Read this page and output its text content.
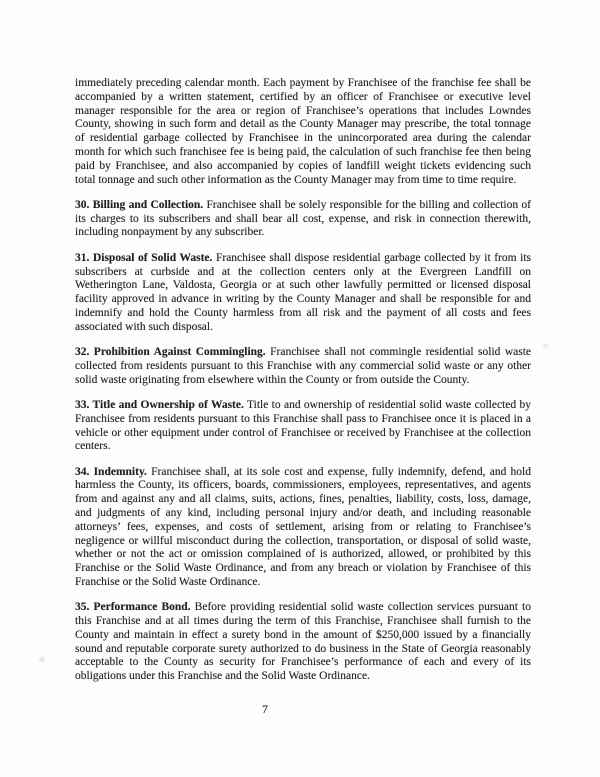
immediately preceding calendar month. Each payment by Franchisee of the franchise fee shall be accompanied by a written statement, certified by an officer of Franchisee or executive level manager responsible for the area or region of Franchisee’s operations that includes Lowndes County, showing in such form and detail as the County Manager may prescribe, the total tonnage of residential garbage collected by Franchisee in the unincorporated area during the calendar month for which such franchisee fee is being paid, the calculation of such franchise fee then being paid by Franchisee, and also accompanied by copies of landfill weight tickets evidencing such total tonnage and such other information as the County Manager may from time to time require.

30. Billing and Collection. Franchisee shall be solely responsible for the billing and collection of its charges to its subscribers and shall bear all cost, expense, and risk in connection therewith, including nonpayment by any subscriber.

31. Disposal of Solid Waste. Franchisee shall dispose residential garbage collected by it from its subscribers at curbside and at the collection centers only at the Evergreen Landfill on Wetherington Lane, Valdosta, Georgia or at such other lawfully permitted or licensed disposal facility approved in advance in writing by the County Manager and shall be responsible for and indemnify and hold the County harmless from all risk and the payment of all costs and fees associated with such disposal.

32. Prohibition Against Commingling. Franchisee shall not commingle residential solid waste collected from residents pursuant to this Franchise with any commercial solid waste or any other solid waste originating from elsewhere within the County or from outside the County.

33. Title and Ownership of Waste. Title to and ownership of residential solid waste collected by Franchisee from residents pursuant to this Franchise shall pass to Franchisee once it is placed in a vehicle or other equipment under control of Franchisee or received by Franchisee at the collection centers.

34. Indemnity. Franchisee shall, at its sole cost and expense, fully indemnify, defend, and hold harmless the County, its officers, boards, commissioners, employees, representatives, and agents from and against any and all claims, suits, actions, fines, penalties, liability, costs, loss, damage, and judgments of any kind, including personal injury and/or death, and including reasonable attorneys’ fees, expenses, and costs of settlement, arising from or relating to Franchisee’s negligence or willful misconduct during the collection, transportation, or disposal of solid waste, whether or not the act or omission complained of is authorized, allowed, or prohibited by this Franchise or the Solid Waste Ordinance, and from any breach or violation by Franchisee of this Franchise or the Solid Waste Ordinance.

35. Performance Bond. Before providing residential solid waste collection services pursuant to this Franchise and at all times during the term of this Franchise, Franchisee shall furnish to the County and maintain in effect a surety bond in the amount of $250,000 issued by a financially sound and reputable corporate surety authorized to do business in the State of Georgia reasonably acceptable to the County as security for Franchisee’s performance of each and every of its obligations under this Franchise and the Solid Waste Ordinance.

7
